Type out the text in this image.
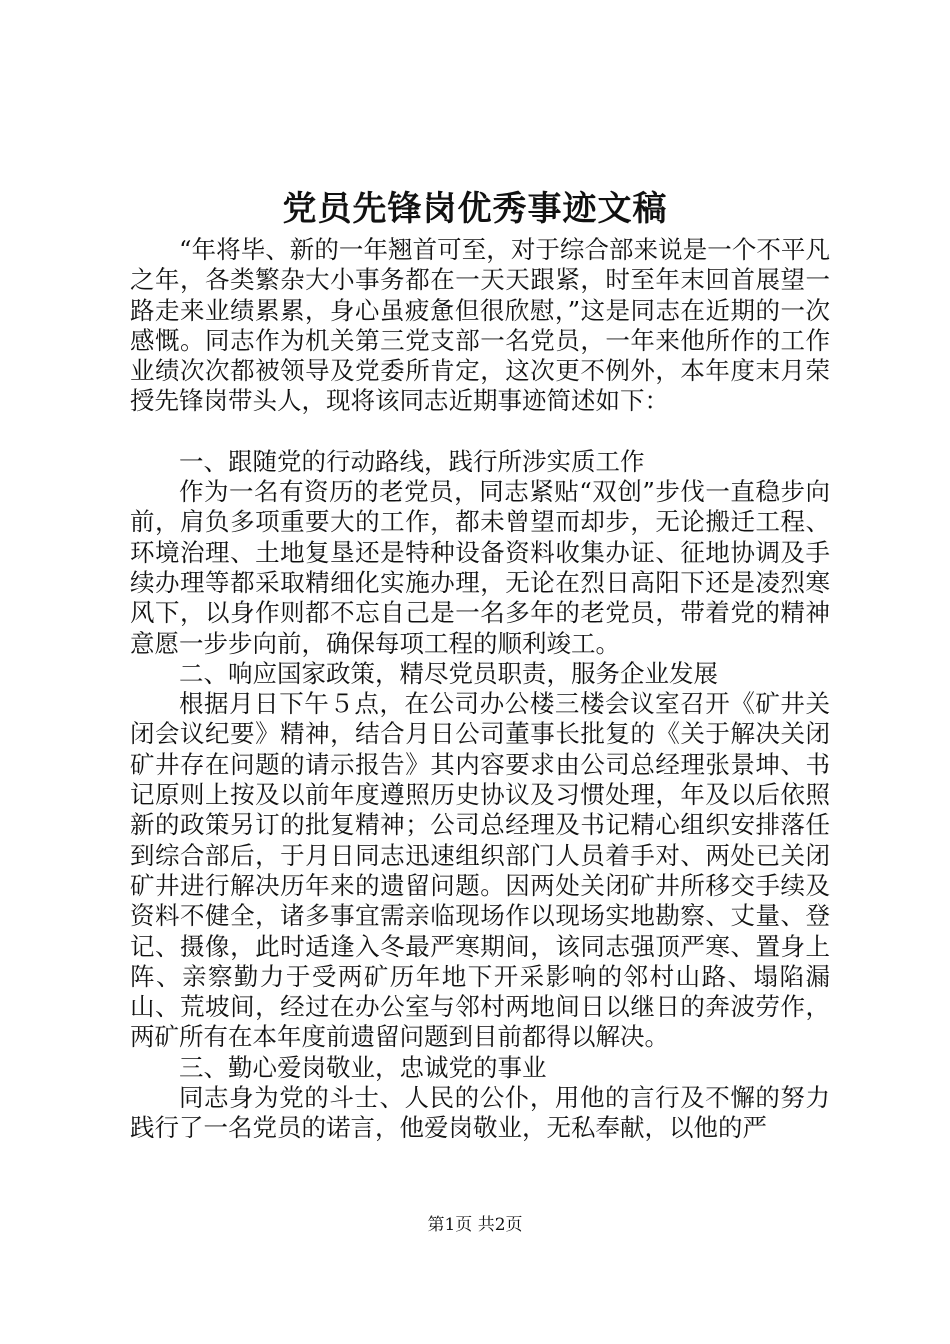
党员先锋岗优秀事迹文稿

“年将毕、新的一年翘首可至，对于综合部来说是一个不平凡之年，各类繁杂大小事务都在一天天跟紧，时至年末回首展望一路走来业绩累累，身心虽疲惫但很欣慰，”这是同志在近期的一次感慨。同志作为机关第三党支部一名党员，一年来他所作的工作业绩次次都被领导及党委所肯定，这次更不例外，本年度末月荣授先锋岗带头人，现将该同志近期事迹简述如下：

一、跟随党的行动路线，践行所涉实质工作

作为一名有资历的老党员，同志紧贴“双创”步伐一直稳步向前，肩负多项重要大的工作，都未曾望而却步，无论搬迁工程、环境治理、土地复垦还是特种设备资料收集办证、征地协调及手续办理等都采取精细化实施办理，无论在烈日高阳下还是凌烈寒风下，以身作则都不忘自己是一名多年的老党员，带着党的精神意愿一步步向前，确保每项工程的顺利竣工。

二、响应国家政策，精尽党员职责，服务企业发展

根据月日下午５点，在公司办公楼三楼会议室召开《矿井关闭会议纪要》精神，结合月日公司董事长批复的《关于解决关闭矿井存在问题的请示报告》其内容要求由公司总经理张景坤、书记原则上按及以前年度遵照历史协议及习惯处理，年及以后依照新的政策另订的批复精神；公司总经理及书记精心组织安排落任到综合部后，于月日同志迅速组织部门人员着手对、两处已关闭矿井进行解决历年来的遗留问题。因两处关闭矿井所移交手续及资料不健全，诸多事宜需亲临现场作以现场实地勘察、丈量、登记、摄像，此时适逢入冬最严寒期间，该同志强顶严寒、置身上阵、亲察勤力于受两矿历年地下开采影响的邻村山路、塌陷漏山、荒坡间，经过在办公室与邻村两地间日以继日的奔波劳作，两矿所有在本年度前遗留问题到目前都得以解决。

三、勤心爱岗敬业，忠诚党的事业

同志身为党的斗士、人民的公仆，用他的言行及不懈的努力践行了一名党员的诺言，他爱岗敬业，无私奉献，以他的严

第1页 共2页
